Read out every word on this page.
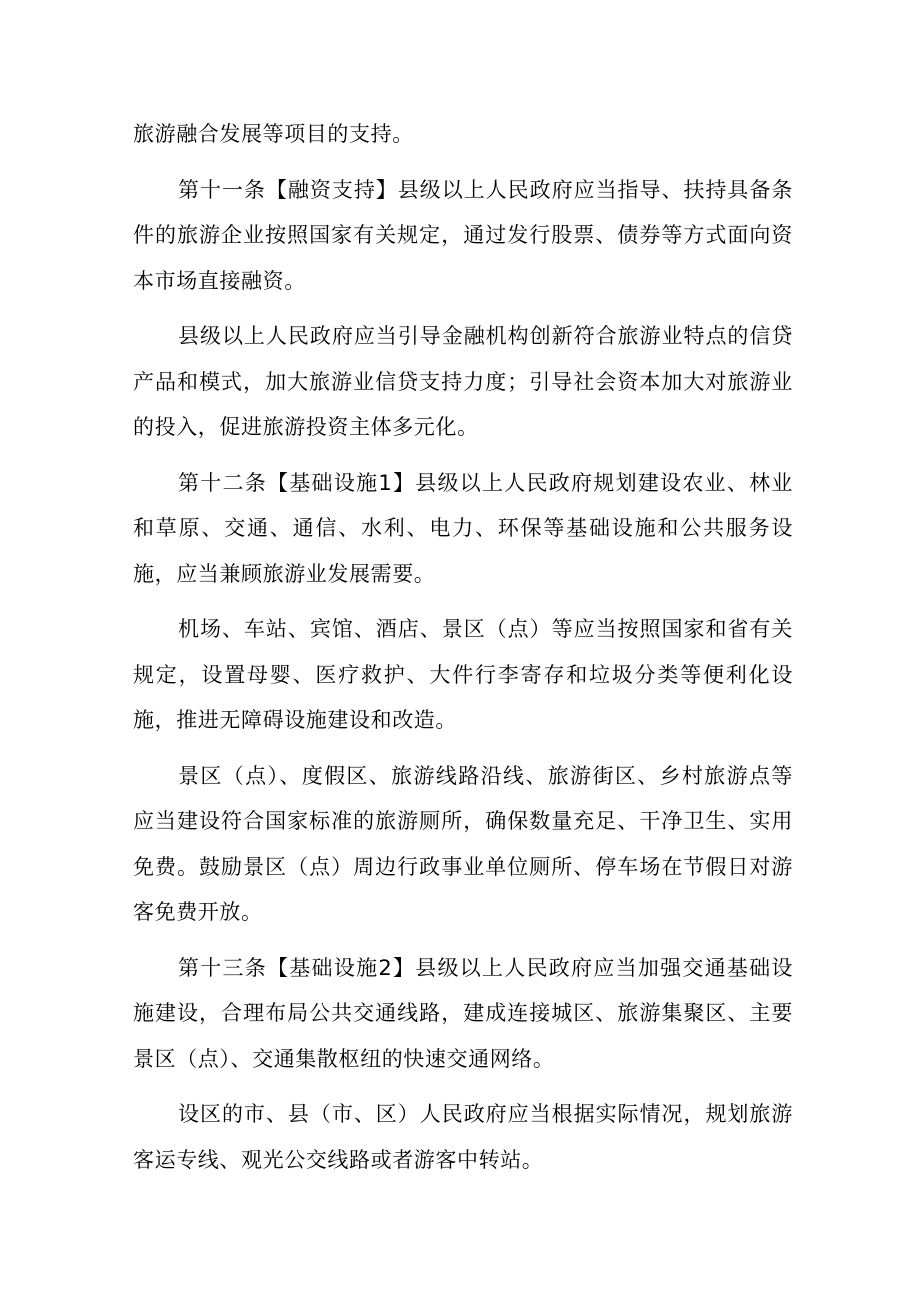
旅游融合发展等项目的支持。

第十一条【融资支持】县级以上人民政府应当指导、扶持具备条件的旅游企业按照国家有关规定，通过发行股票、债券等方式面向资本市场直接融资。

县级以上人民政府应当引导金融机构创新符合旅游业特点的信贷产品和模式，加大旅游业信贷支持力度；引导社会资本加大对旅游业的投入，促进旅游投资主体多元化。

第十二条【基础设施1】县级以上人民政府规划建设农业、林业和草原、交通、通信、水利、电力、环保等基础设施和公共服务设施，应当兼顾旅游业发展需要。

机场、车站、宾馆、酒店、景区（点）等应当按照国家和省有关规定，设置母婴、医疗救护、大件行李寄存和垃圾分类等便利化设施，推进无障碍设施建设和改造。

景区（点）、度假区、旅游线路沿线、旅游街区、乡村旅游点等应当建设符合国家标准的旅游厕所，确保数量充足、干净卫生、实用免费。鼓励景区（点）周边行政事业单位厕所、停车场在节假日对游客免费开放。

第十三条【基础设施2】县级以上人民政府应当加强交通基础设施建设，合理布局公共交通线路，建成连接城区、旅游集聚区、主要景区（点）、交通集散枢纽的快速交通网络。

设区的市、县（市、区）人民政府应当根据实际情况，规划旅游客运专线、观光公交线路或者游客中转站。
